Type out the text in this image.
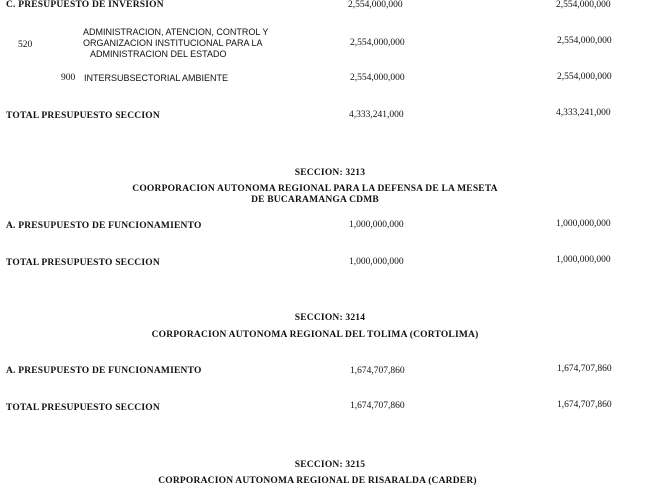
C. PRESUPUESTO DE INVERSION	2,554,000,000	2,554,000,000
520
ADMINISTRACION, ATENCION, CONTROL Y
ORGANIZACION INSTITUCIONAL PARA LA
ADMINISTRACION DEL ESTADO
2,554,000,000	2,554,000,000
900 INTERSUBSECTORIAL AMBIENTE	2,554,000,000	2,554,000,000
TOTAL PRESUPUESTO SECCION	4,333,241,000	4,333,241,000
SECCION: 3213
COORPORACION AUTONOMA REGIONAL PARA LA DEFENSA DE LA MESETA
DE BUCARAMANGA CDMB
A. PRESUPUESTO DE FUNCIONAMIENTO	1,000,000,000	1,000,000,000
TOTAL PRESUPUESTO SECCION	1,000,000,000	1,000,000,000
SECCION: 3214
CORPORACION AUTONOMA REGIONAL DEL TOLIMA (CORTOLIMA)
A. PRESUPUESTO DE FUNCIONAMIENTO	1,674,707,860	1,674,707,860
TOTAL PRESUPUESTO SECCION	1,674,707,860	1,674,707,860
SECCION: 3215
CORPORACION AUTONOMA REGIONAL DE RISARALDA (CARDER)
